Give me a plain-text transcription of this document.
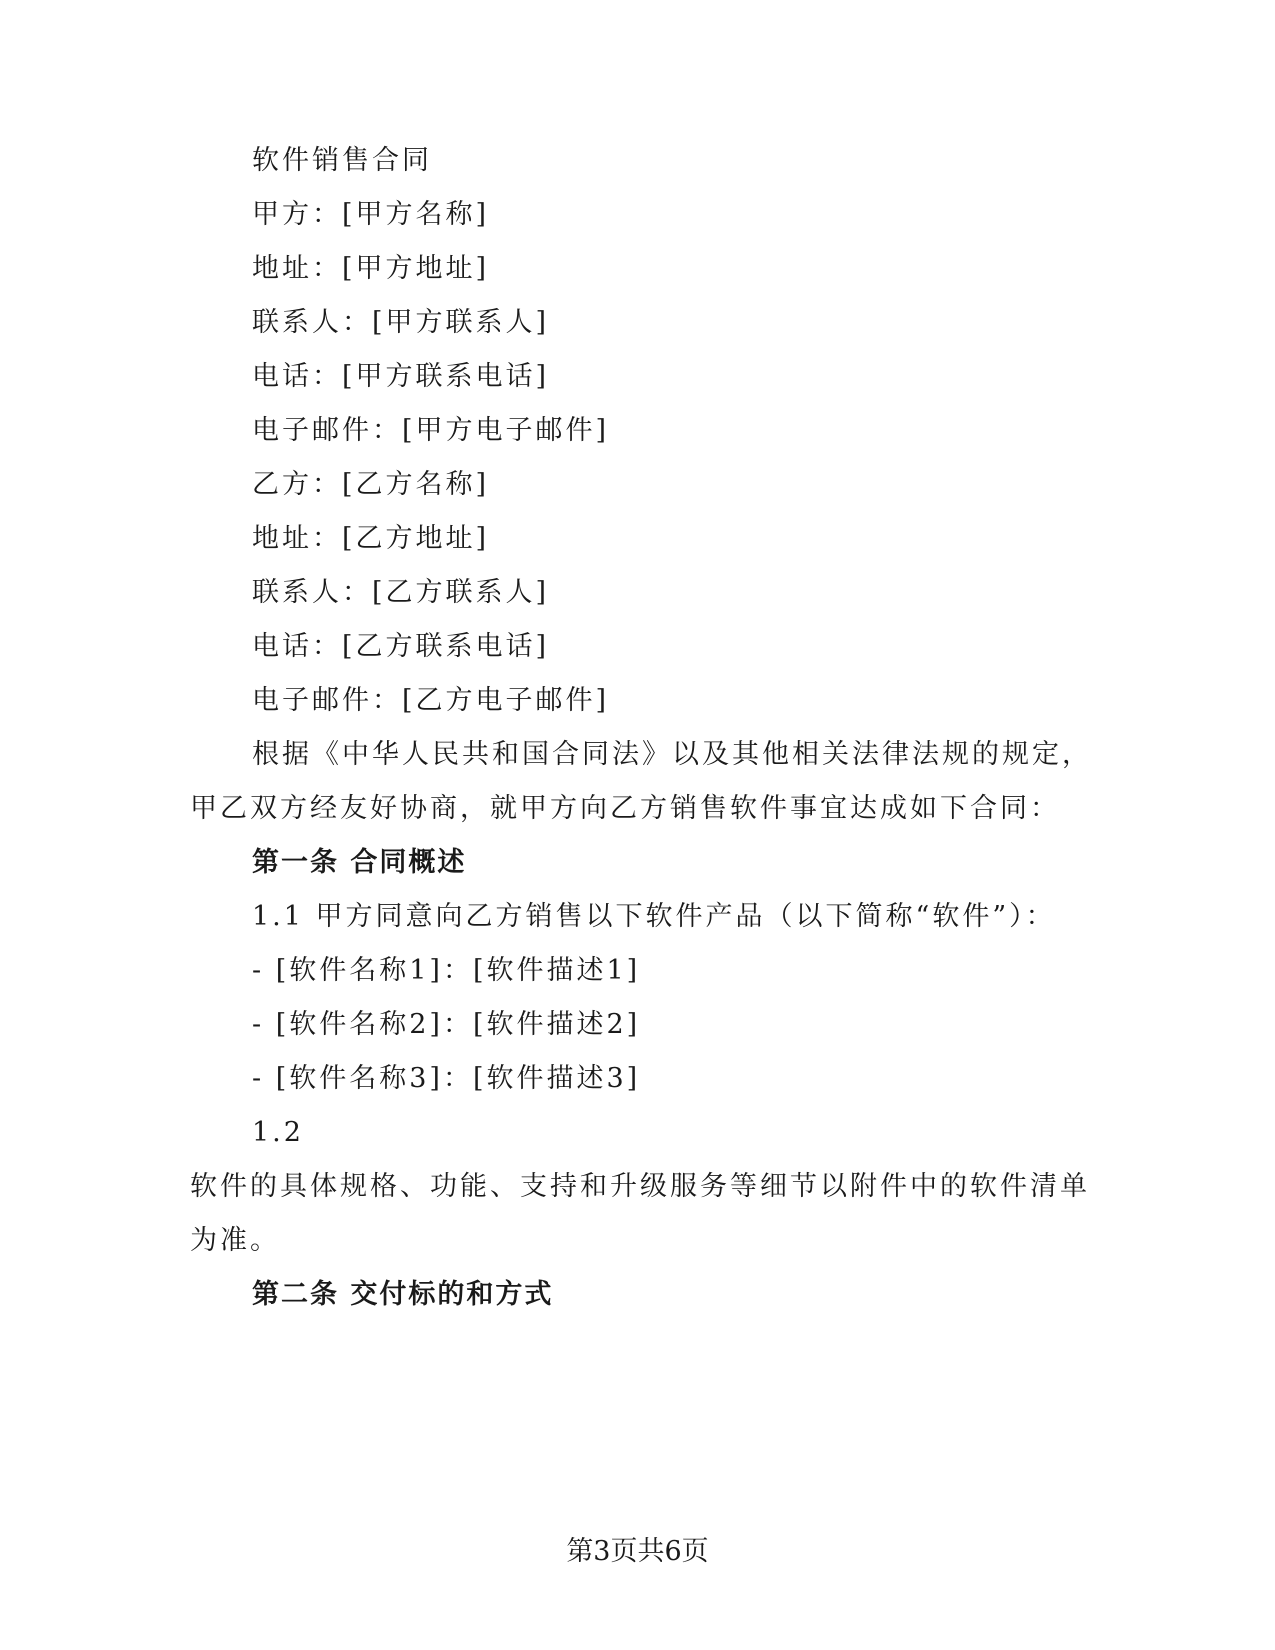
软件销售合同
甲方：[甲方名称]
地址：[甲方地址]
联系人：[甲方联系人]
电话：[甲方联系电话]
电子邮件：[甲方电子邮件]
乙方：[乙方名称]
地址：[乙方地址]
联系人：[乙方联系人]
电话：[乙方联系电话]
电子邮件：[乙方电子邮件]
根据《中华人民共和国合同法》以及其他相关法律法规的规定，
甲乙双方经友好协商，就甲方向乙方销售软件事宜达成如下合同：
第一条 合同概述
1.1 甲方同意向乙方销售以下软件产品（以下简称“软件”）：
- [软件名称1]：[软件描述1]
- [软件名称2]：[软件描述2]
- [软件名称3]：[软件描述3]
1.2
软件的具体规格、功能、支持和升级服务等细节以附件中的软件清单
为准。
第二条 交付标的和方式
第3页共6页
